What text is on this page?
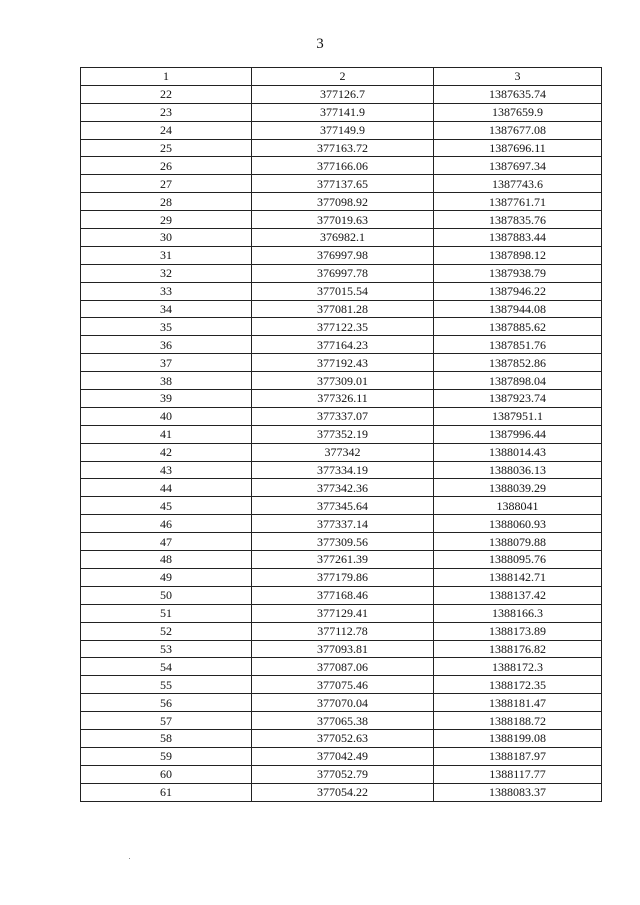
3
1	2	3
22	377126.7	1387635.74
23	377141.9	1387659.9
24	377149.9	1387677.08
25	377163.72	1387696.11
26	377166.06	1387697.34
27	377137.65	1387743.6
28	377098.92	1387761.71
29	377019.63	1387835.76
30	376982.1	1387883.44
31	376997.98	1387898.12
32	376997.78	1387938.79
33	377015.54	1387946.22
34	377081.28	1387944.08
35	377122.35	1387885.62
36	377164.23	1387851.76
37	377192.43	1387852.86
38	377309.01	1387898.04
39	377326.11	1387923.74
40	377337.07	1387951.1
41	377352.19	1387996.44
42	377342	1388014.43
43	377334.19	1388036.13
44	377342.36	1388039.29
45	377345.64	1388041
46	377337.14	1388060.93
47	377309.56	1388079.88
48	377261.39	1388095.76
49	377179.86	1388142.71
50	377168.46	1388137.42
51	377129.41	1388166.3
52	377112.78	1388173.89
53	377093.81	1388176.82
54	377087.06	1388172.3
55	377075.46	1388172.35
56	377070.04	1388181.47
57	377065.38	1388188.72
58	377052.63	1388199.08
59	377042.49	1388187.97
60	377052.79	1388117.77
61	377054.22	1388083.37
